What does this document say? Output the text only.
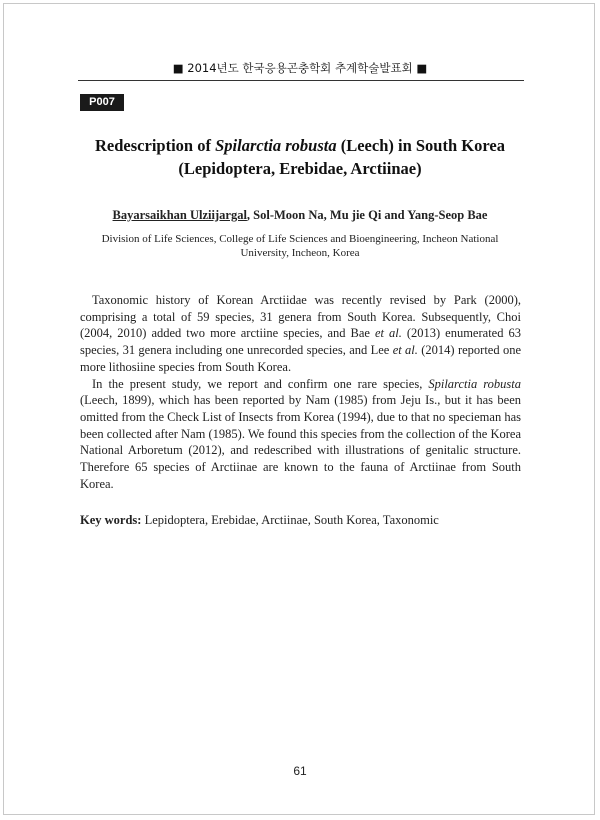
■ 2014년도 한국응용곤충학회 추계학술발표회 ■
P007
Redescription of Spilarctia robusta (Leech) in South Korea
(Lepidoptera, Erebidae, Arctiinae)
Bayarsaikhan Ulziijargal, Sol-Moon Na, Mu jie Qi and Yang-Seop Bae
Division of Life Sciences, College of Life Sciences and Bioengineering, Incheon National
University, Incheon, Korea

Taxonomic history of Korean Arctiidae was recently revised by Park (2000), comprising a total of 59 species, 31 genera from South Korea. Subsequently, Choi (2004, 2010) added two more arctiine species, and Bae et al. (2013) enumerated 63 species, 31 genera including one unrecorded species, and Lee et al. (2014) reported one more lithosiine species from South Korea.

In the present study, we report and confirm one rare species, Spilarctia robusta (Leech, 1899), which has been reported by Nam (1985) from Jeju Is., but it has been omitted from the Check List of Insects from Korea (1994), due to that no specieman has been collected after Nam (1985). We found this species from the collection of the Korea National Arboretum (2012), and redescribed with illustrations of genitalic structure. Therefore 65 species of Arctiinae are known to the fauna of Arctiinae from South Korea.

Key words: Lepidoptera, Erebidae, Arctiinae, South Korea, Taxonomic
61
